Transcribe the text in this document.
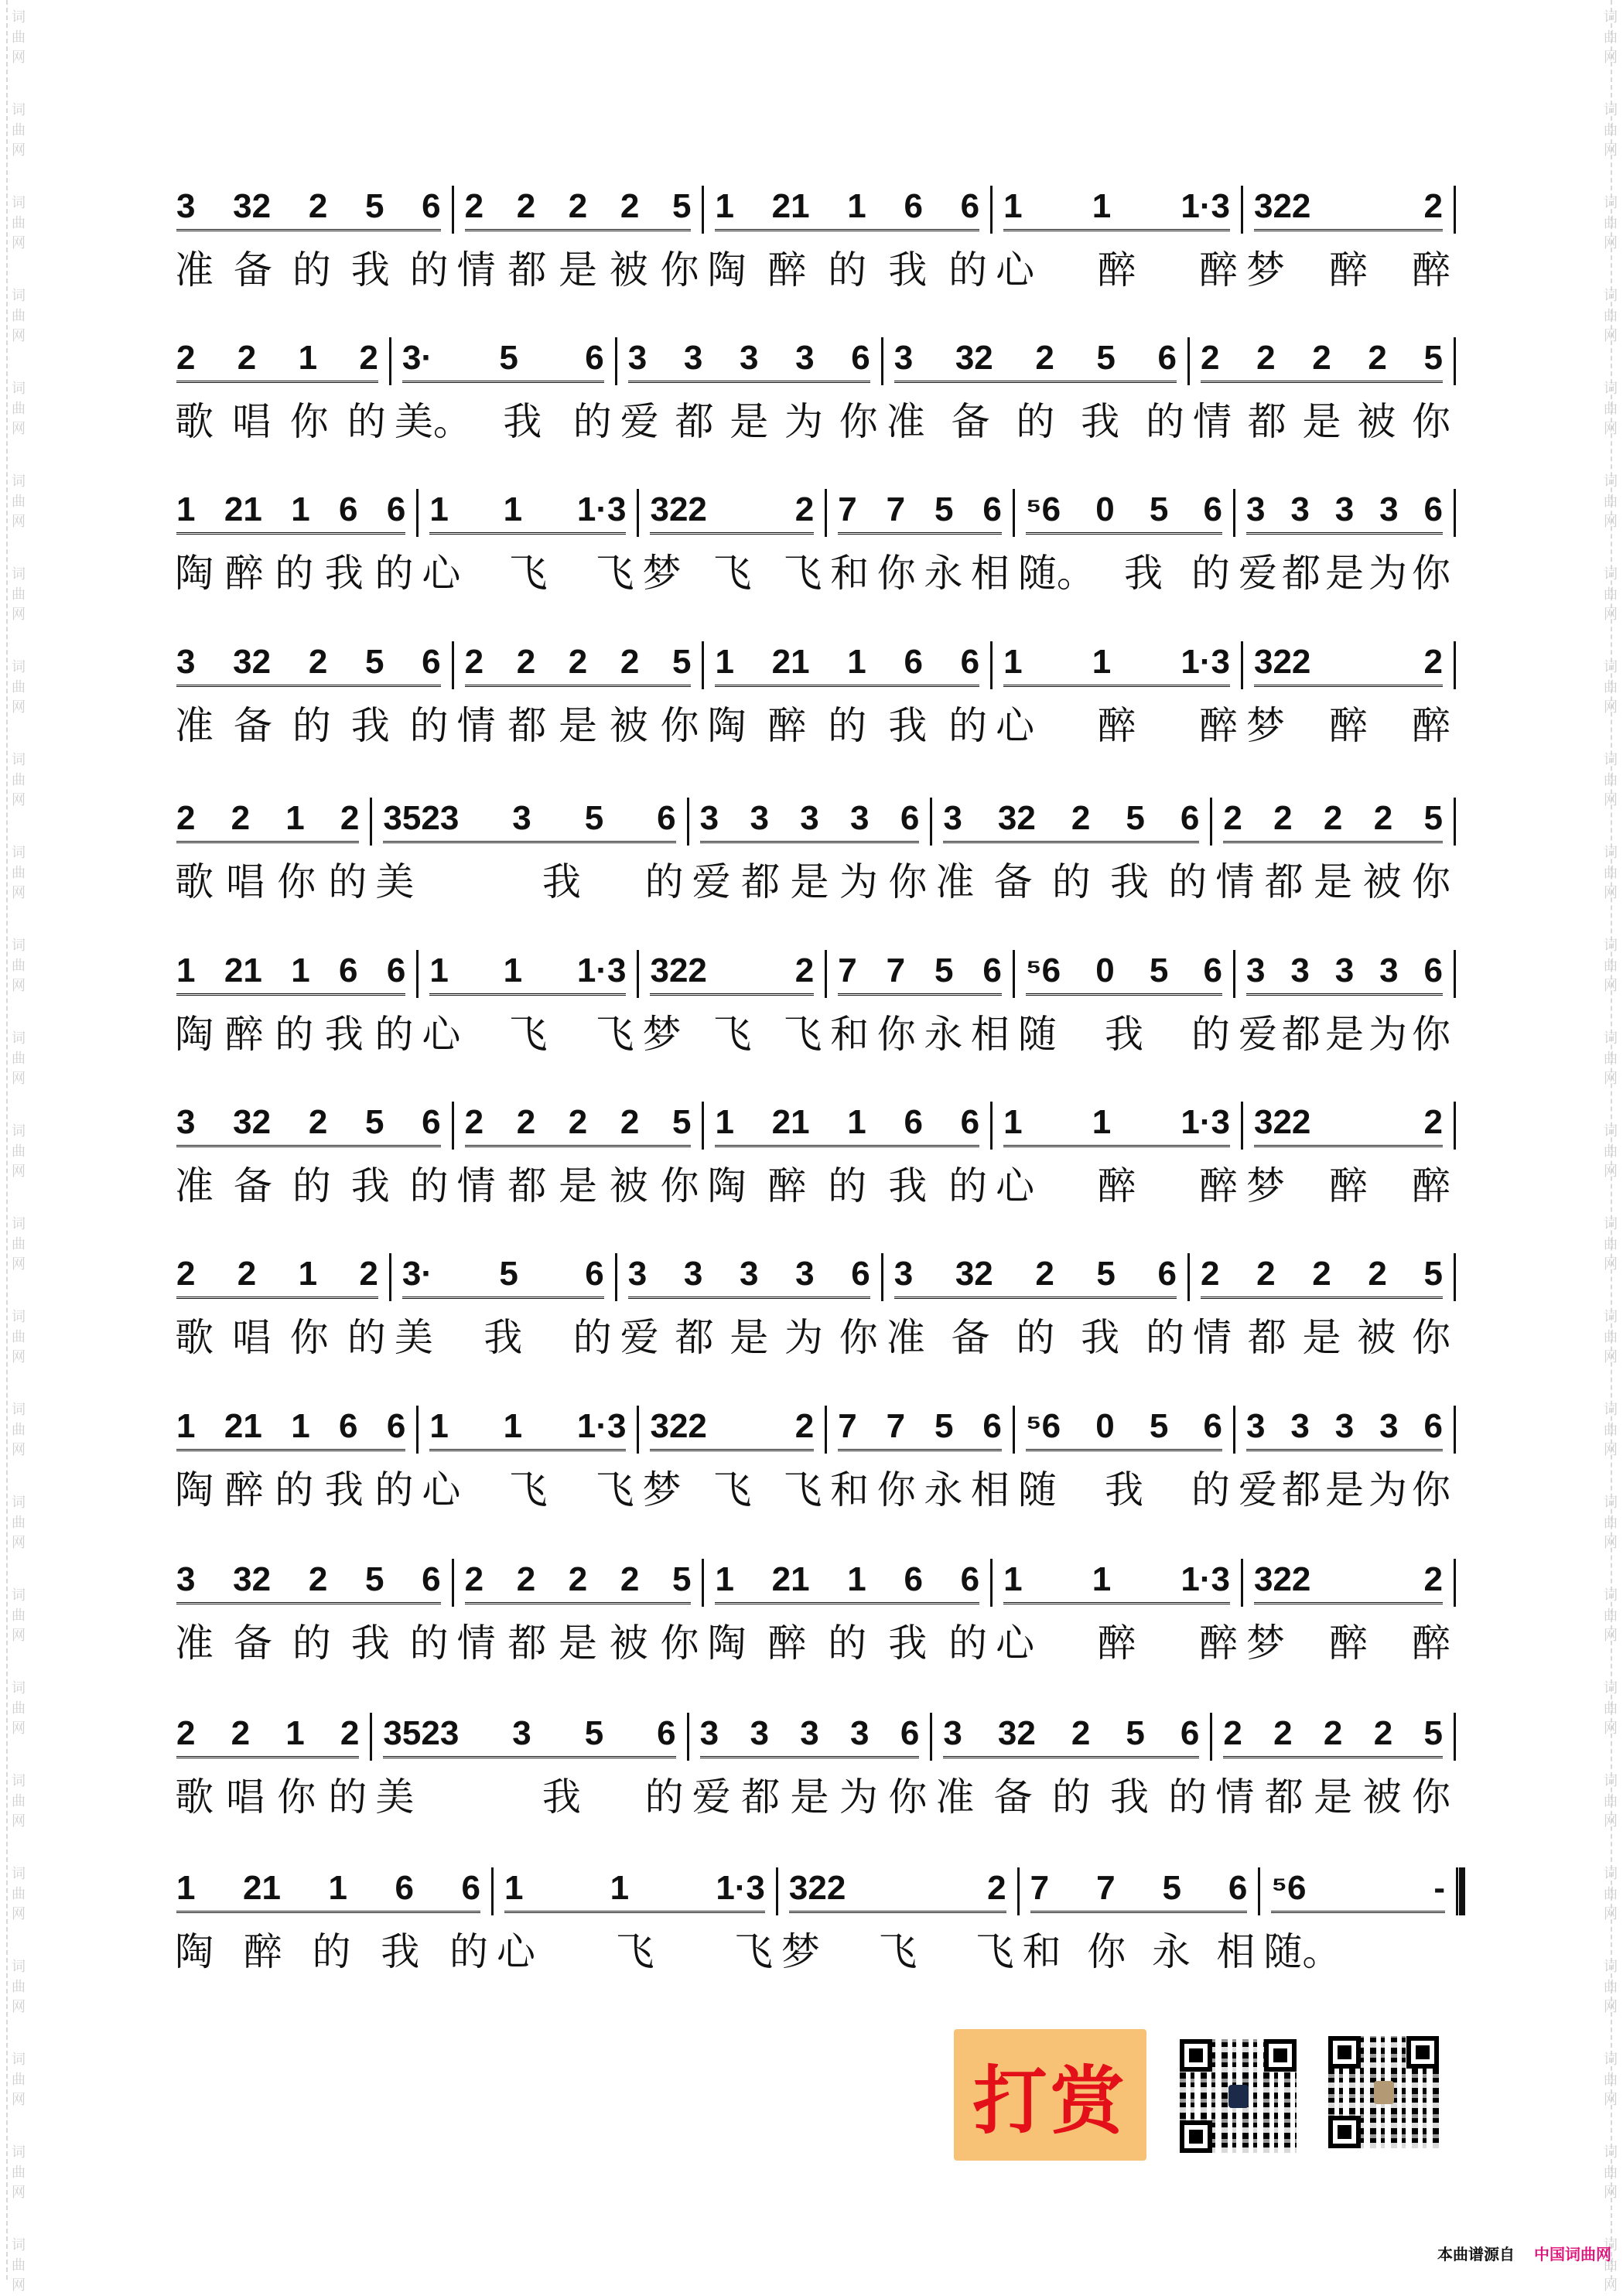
词曲网
词曲网
词曲网
词曲网
词曲网
词曲网
词曲网
词曲网
词曲网
词曲网
词曲网
词曲网
词曲网
词曲网
词曲网
词曲网
词曲网
词曲网
词曲网
词曲网
词曲网
词曲网
词曲网
词曲网
词曲网
词曲网
词曲网
词曲网
词曲网
词曲网
词曲网
词曲网
词曲网
词曲网
词曲网
词曲网
词曲网
词曲网
词曲网
词曲网
词曲网
词曲网
词曲网
词曲网
词曲网
词曲网
词曲网
词曲网
词曲网
词曲网
3 32 2 5 6
准 备 的 我 的
2 2 2 2 5
情 都 是 被 你
1 21 1 6 6
陶 醉 的 我 的
1 1 1·3
心 醉 醉
322	2
梦 醉 醉
2 2 1 2
歌 唱 你 的
3· 5 6
美。 我 的
3 3 3 3 6
爱 都 是 为 你
3 32 2 5 6
准 备 的 我 的
2 2 2 2 5
情 都 是 被 你
1 21 1 6 6
陶 醉 的 我 的
1 1 1·3
心 飞 飞
322	2
梦 飞 飞
7 7 5 6
和 你 永 相
⁵6 0 5 6
随。 我 的
3 3 3 3 6
爱 都 是 为 你
3 32 2 5 6
准 备 的 我 的
2 2 2 2 5
情 都 是 被 你
1 21 1 6 6
陶 醉 的 我 的
1 1 1·3
心 醉 醉
322	2
梦 醉 醉
2 2 1 2
歌 唱 你 的
3523 3 5 6
美	我 的
3 3 3 3 6
爱 都 是 为 你
3 32 2 5 6
准 备 的 我 的
2 2 2 2 5
情 都 是 被 你
1 21 1 6 6
陶 醉 的 我 的
1 1 1·3
心 飞 飞
322	2
梦 飞 飞
7 7 5 6
和 你 永 相
⁵6 0 5 6
随 我 的
3 3 3 3 6
爱 都 是 为 你
3 32 2 5 6
准 备 的 我 的
2 2 2 2 5
情 都 是 被 你
1 21 1 6 6
陶 醉 的 我 的
1 1 1·3
心 醉 醉
322	2
梦 醉 醉
2 2 1 2
歌 唱 你 的
3· 5 6
美 我 的
3 3 3 3 6
爱 都 是 为 你
3 32 2 5 6
准 备 的 我 的
2 2 2 2 5
情 都 是 被 你
1 21 1 6 6
陶 醉 的 我 的
1 1 1·3
心 飞 飞
322	2
梦 飞 飞
7 7 5 6
和 你 永 相
⁵6 0 5 6
随 我 的
3 3 3 3 6
爱 都 是 为 你
3 32 2 5 6
准 备 的 我 的
2 2 2 2 5
情 都 是 被 你
1 21 1 6 6
陶 醉 的 我 的
1 1 1·3
心 醉 醉
322	2
梦 醉 醉
2 2 1 2
歌 唱 你 的
3523 3 5 6
美	我 的
3 3 3 3 6
爱 都 是 为 你
3 32 2 5 6
准 备 的 我 的
2 2 2 2 5
情 都 是 被 你
1 21 1 6 6
陶 醉 的 我 的
1	1	1·3
心 飞 飞
322	2
梦 飞 飞
7 7 5 6
和 你 永 相
⁵6	-
随。
打赏
本曲谱源自 中国词曲网
